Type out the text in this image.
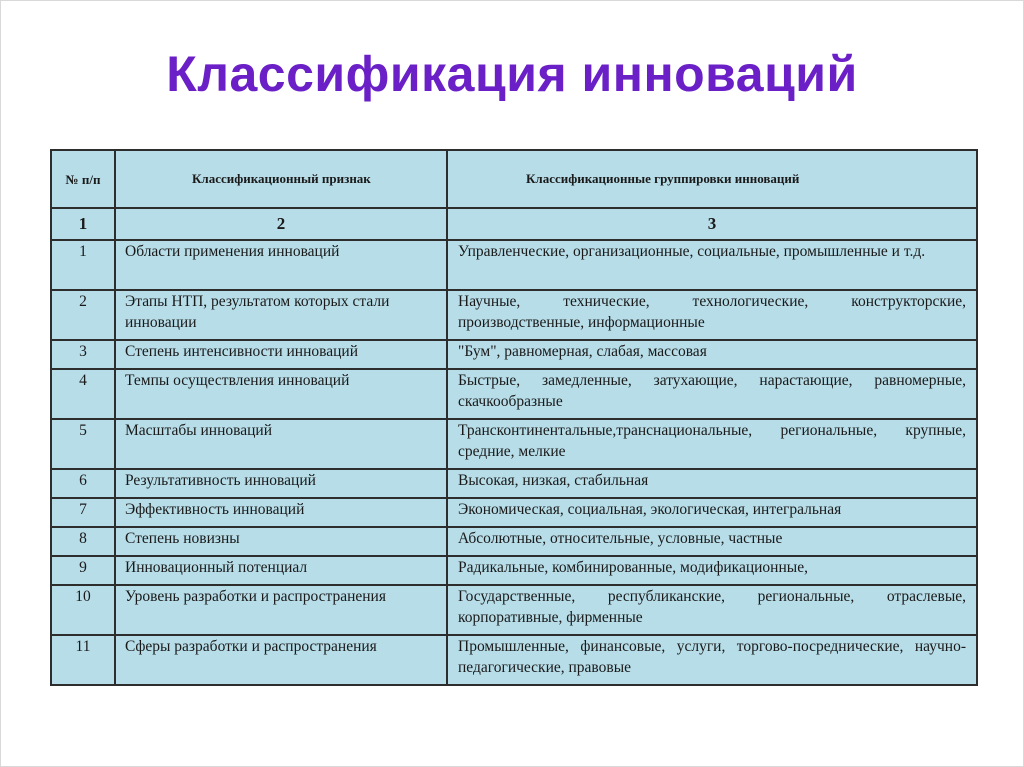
Классификация инноваций
№ п/п	Классификационный признак	Классификационные группировки инноваций
1	2	3
1	Области применения инноваций	Управленческие, организационные, социальные, промышленные и т.д.
2	Этапы НТП, результатом которых стали инновации	Научные, технические, технологические, конструкторские, производственные, информационные
3	Степень интенсивности инноваций	"Бум", равномерная, слабая, массовая
4	Темпы осуществления инноваций	Быстрые, замедленные, затухающие, нарастающие, равномерные, скачкообразные
5	Масштабы инноваций	Трансконтинентальные,транснациональные, региональные, крупные, средние, мелкие
6	Результативность инноваций	Высокая, низкая, стабильная
7	Эффективность инноваций	Экономическая, социальная, экологическая, интегральная
8	Степень новизны	Абсолютные, относительные, условные, частные
9	Инновационный потенциал	Радикальные, комбинированные, модификационные,
10	Уровень разработки и распространения	Государственные, республиканские, региональные, отраслевые, корпоративные, фирменные
11	Сферы разработки и распространения	Промышленные, финансовые, услуги, торгово-посреднические, научно-педагогические, правовые
